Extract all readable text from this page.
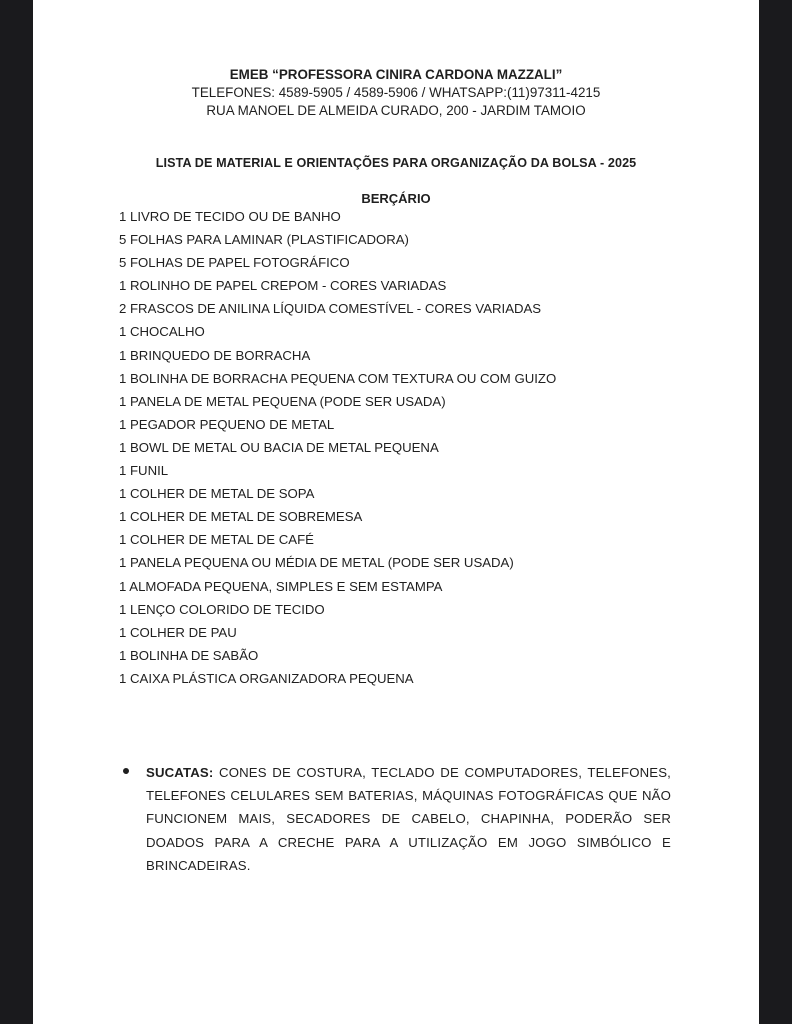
EMEB “PROFESSORA CINIRA CARDONA MAZZALI”
TELEFONES: 4589-5905 / 4589-5906 / WHATSAPP:(11)97311-4215
RUA MANOEL DE ALMEIDA CURADO, 200 - JARDIM TAMOIO
LISTA DE MATERIAL E ORIENTAÇÕES PARA ORGANIZAÇÃO DA BOLSA - 2025
BERÇÁRIO
1 LIVRO DE TECIDO OU DE BANHO
5 FOLHAS PARA LAMINAR (PLASTIFICADORA)
5 FOLHAS DE PAPEL FOTOGRÁFICO
1 ROLINHO DE PAPEL CREPOM - CORES VARIADAS
2 FRASCOS DE ANILINA LÍQUIDA COMESTÍVEL - CORES VARIADAS
1 CHOCALHO
1 BRINQUEDO DE BORRACHA
1 BOLINHA DE BORRACHA PEQUENA COM TEXTURA OU COM GUIZO
1 PANELA DE METAL PEQUENA (PODE SER USADA)
1 PEGADOR PEQUENO DE METAL
1 BOWL DE METAL OU BACIA DE METAL PEQUENA
1 FUNIL
1 COLHER DE METAL DE SOPA
1 COLHER DE METAL DE SOBREMESA
1 COLHER DE METAL DE CAFÉ
1 PANELA PEQUENA OU MÉDIA DE METAL (PODE SER USADA)
1 ALMOFADA PEQUENA, SIMPLES E SEM ESTAMPA
1 LENÇO COLORIDO DE TECIDO
1 COLHER DE PAU
1 BOLINHA DE SABÃO
1 CAIXA PLÁSTICA ORGANIZADORA PEQUENA
SUCATAS: CONES DE COSTURA, TECLADO DE COMPUTADORES, TELEFONES, TELEFONES CELULARES SEM BATERIAS, MÁQUINAS FOTOGRÁFICAS QUE NÃO FUNCIONEM MAIS, SECADORES DE CABELO, CHAPINHA, PODERÃO SER DOADOS PARA A CRECHE PARA A UTILIZAÇÃO EM JOGO SIMBÓLICO E BRINCADEIRAS.
